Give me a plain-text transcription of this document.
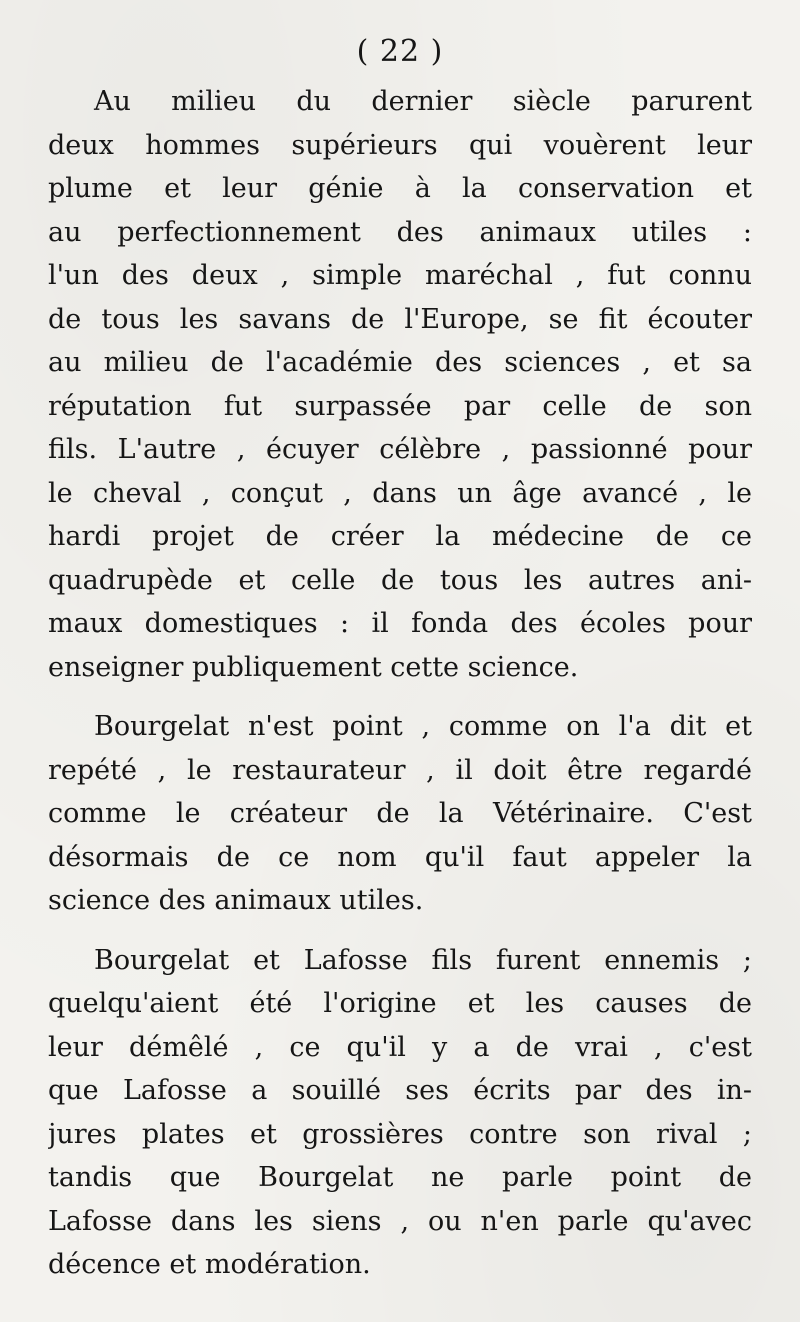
( 22 )
Au milieu du dernier siècle parurent
deux hommes supérieurs qui vouèrent leur
plume et leur génie à la conservation et
au perfectionnement des animaux utiles :
l'un des deux , simple maréchal , fut connu
de tous les savans de l'Europe, se fit écouter
au milieu de l'académie des sciences , et sa
réputation fut surpassée par celle de son
fils. L'autre , écuyer célèbre , passionné pour
le cheval , conçut , dans un âge avancé , le
hardi projet de créer la médecine de ce
quadrupède et celle de tous les autres ani-
maux domestiques : il fonda des écoles pour
enseigner publiquement cette science.
Bourgelat n'est point , comme on l'a dit et
repété , le restaurateur , il doit être regardé
comme le créateur de la Vétérinaire. C'est
désormais de ce nom qu'il faut appeler la
science des animaux utiles.
Bourgelat et Lafosse fils furent ennemis ;
quelqu'aient été l'origine et les causes de
leur démêlé , ce qu'il y a de vrai , c'est
que Lafosse a souillé ses écrits par des in-
jures plates et grossières contre son rival ;
tandis que Bourgelat ne parle point de
Lafosse dans les siens , ou n'en parle qu'avec
décence et modération.
